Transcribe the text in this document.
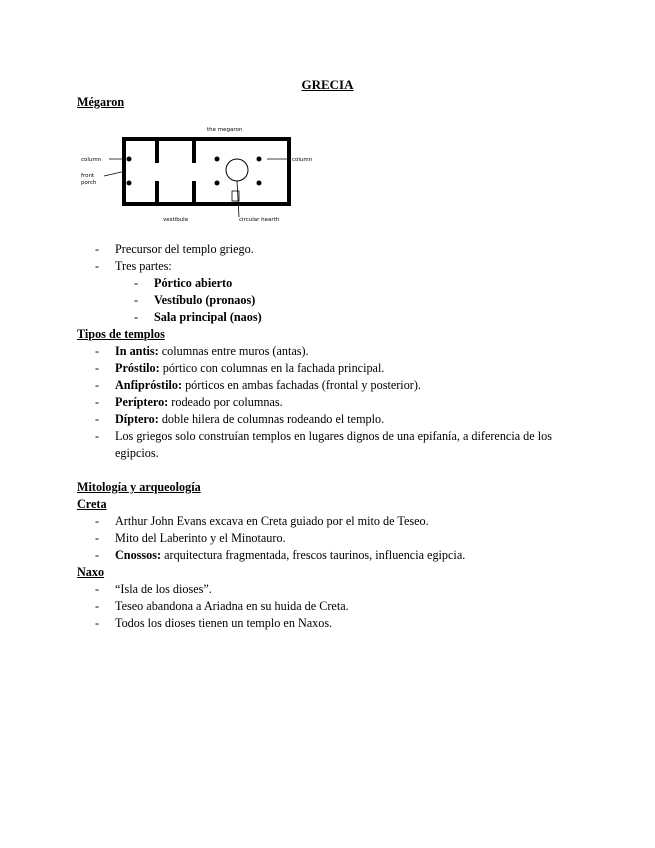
GRECIA
Mégaron
the megaron
column
front
porch
column
vestibule	circular hearth
- Precursor del templo griego.
- Tres partes:
- Pórtico abierto
- Vestíbulo (pronaos)
- Sala principal (naos)
Tipos de templos
- In antis: columnas entre muros (antas).
- Próstilo: pórtico con columnas en la fachada principal.
- Anfipróstilo: pórticos en ambas fachadas (frontal y posterior).
- Períptero: rodeado por columnas.
- Díptero: doble hilera de columnas rodeando el templo.
- Los griegos solo construían templos en lugares dignos de una epifanía, a diferencia de los egipcios.
Mitología y arqueología
Creta
- Arthur John Evans excava en Creta guiado por el mito de Teseo.
- Mito del Laberinto y el Minotauro.
- Cnossos: arquitectura fragmentada, frescos taurinos, influencia egipcia.
Naxo
- “Isla de los dioses”.
- Teseo abandona a Ariadna en su huida de Creta.
- Todos los dioses tienen un templo en Naxos.
